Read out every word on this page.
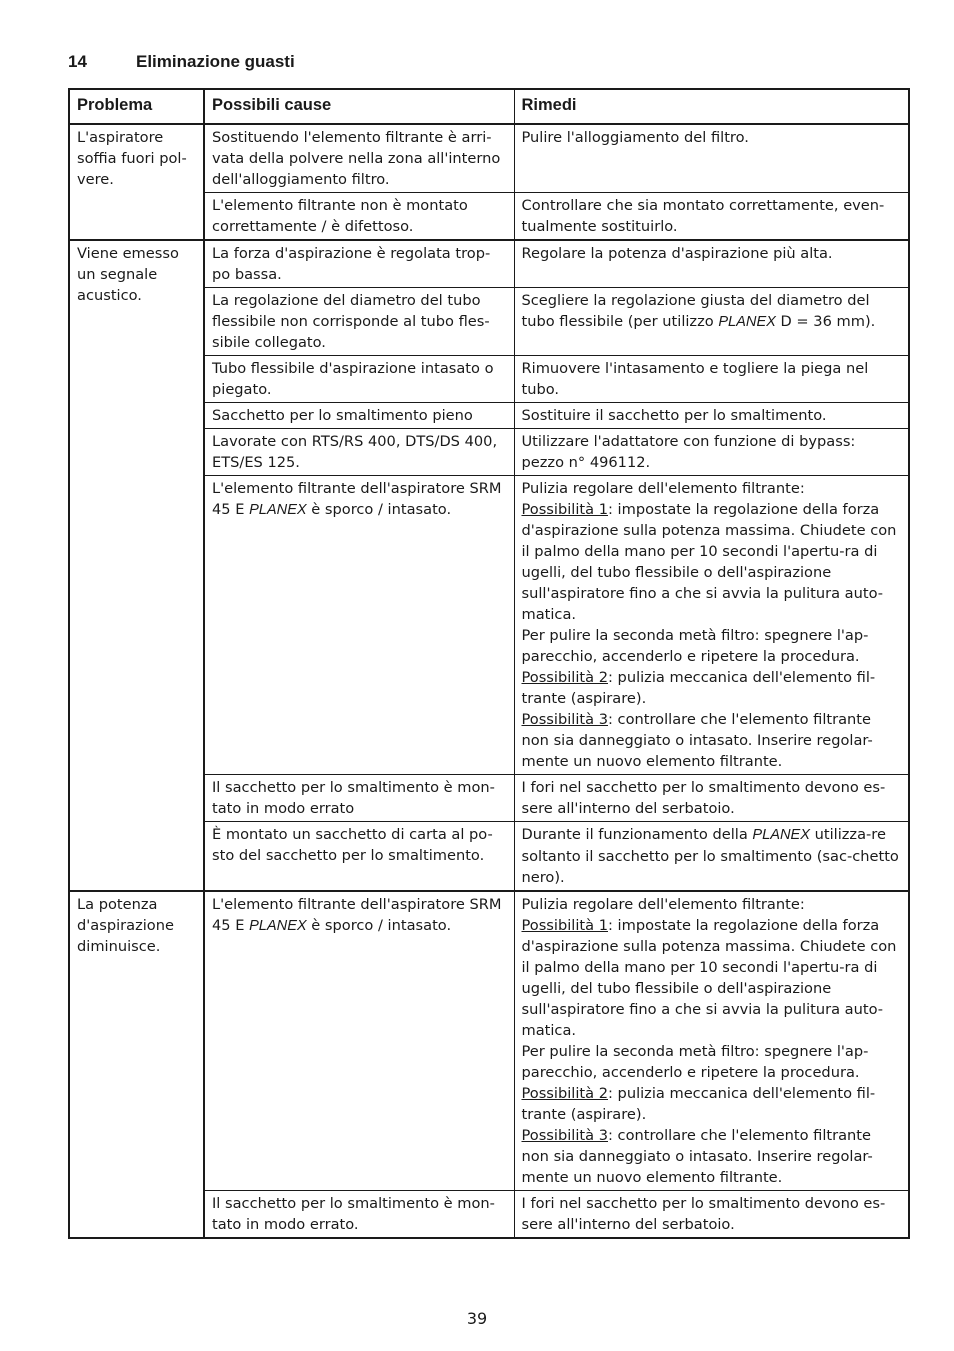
14	Eliminazione guasti
Problema	Possibili cause	Rimedi
L'aspiratore soffia fuori pol-vere.	Sostituendo l'elemento filtrante è arri-vata della polvere nella zona all'interno dell'alloggiamento filtro.	Pulire l'alloggiamento del filtro.

	L'elemento filtrante non è montato correttamente / è difettoso.	Controllare che sia montato correttamente, even-tualmente sostituirlo.

Viene emesso un segnale acustico.	La forza d'aspirazione è regolata trop-po bassa.	Regolare la potenza d'aspirazione più alta.

	La regolazione del diametro del tubo flessibile non corrisponde al tubo fles-sibile collegato.	Scegliere la regolazione giusta del diametro del tubo flessibile (per utilizzo PLANEX D = 36 mm).

	Tubo flessibile d'aspirazione intasato o piegato.	Rimuovere l'intasamento e togliere la piega nel tubo.

	Sacchetto per lo smaltimento pieno	Sostituire il sacchetto per lo smaltimento.

	Lavorate con RTS/RS 400, DTS/DS 400, ETS/ES 125.	Utilizzare l'adattatore con funzione di bypass: pezzo n° 496112.

	L'elemento filtrante dell'aspiratore SRM 45 E PLANEX è sporco / intasato.	Pulizia regolare dell'elemento filtrante:
Possibilità 1: impostate la regolazione della forza d'aspirazione sulla potenza massima. Chiudete con il palmo della mano per 10 secondi l'apertu-ra di ugelli, del tubo flessibile o dell'aspirazione sull'aspiratore fino a che si avvia la pulitura auto-matica.
Per pulire la seconda metà filtro: spegnere l'ap-parecchio, accenderlo e ripetere la procedura.
Possibilità 2: pulizia meccanica dell'elemento fil-trante (aspirare).
Possibilità 3: controllare che l'elemento filtrante non sia danneggiato o intasato. Inserire regolar-mente un nuovo elemento filtrante.

	Il sacchetto per lo smaltimento è mon-tato in modo errato	I fori nel sacchetto per lo smaltimento devono es-sere all'interno del serbatoio.

	È montato un sacchetto di carta al po-sto del sacchetto per lo smaltimento.	Durante il funzionamento della PLANEX utilizza-re soltanto il sacchetto per lo smaltimento (sac-chetto nero).

La potenza d'aspirazione diminuisce.	L'elemento filtrante dell'aspiratore SRM 45 E PLANEX è sporco / intasato.	Pulizia regolare dell'elemento filtrante:
Possibilità 1: impostate la regolazione della forza d'aspirazione sulla potenza massima. Chiudete con il palmo della mano per 10 secondi l'apertu-ra di ugelli, del tubo flessibile o dell'aspirazione sull'aspiratore fino a che si avvia la pulitura auto-matica.
Per pulire la seconda metà filtro: spegnere l'ap-parecchio, accenderlo e ripetere la procedura.
Possibilità 2: pulizia meccanica dell'elemento fil-trante (aspirare).
Possibilità 3: controllare che l'elemento filtrante non sia danneggiato o intasato. Inserire regolar-mente un nuovo elemento filtrante.

	Il sacchetto per lo smaltimento è mon-tato in modo errato.	I fori nel sacchetto per lo smaltimento devono es-sere all'interno del serbatoio.
39
